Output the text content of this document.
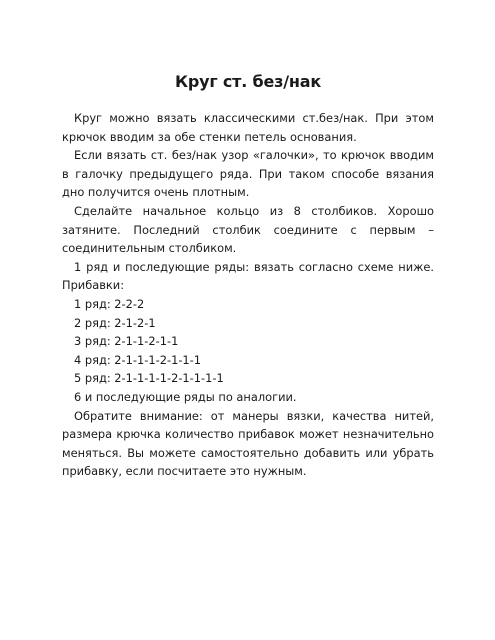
Круг ст. без/нак

Круг можно вязать классическими ст.без/нак. При этом крючок вводим за обе стенки петель основания.

Если вязать ст. без/нак узор «галочки», то крючок вводим в галочку предыдущего ряда. При таком способе вязания дно получится очень плотным.

Сделайте начальное кольцо из 8 столбиков. Хорошо затяните. Последний столбик соедините с первым – соединительным столбиком.

1 ряд и последующие ряды: вязать согласно схеме ниже. Прибавки:

1 ряд: 2-2-2

2 ряд: 2-1-2-1

3 ряд: 2-1-1-2-1-1

4 ряд: 2-1-1-1-2-1-1-1

5 ряд: 2-1-1-1-1-2-1-1-1-1

6 и последующие ряды по аналогии.

Обратите внимание: от манеры вязки, качества нитей, размера крючка количество прибавок может незначительно меняться. Вы можете самостоятельно добавить или убрать прибавку, если посчитаете это нужным.
